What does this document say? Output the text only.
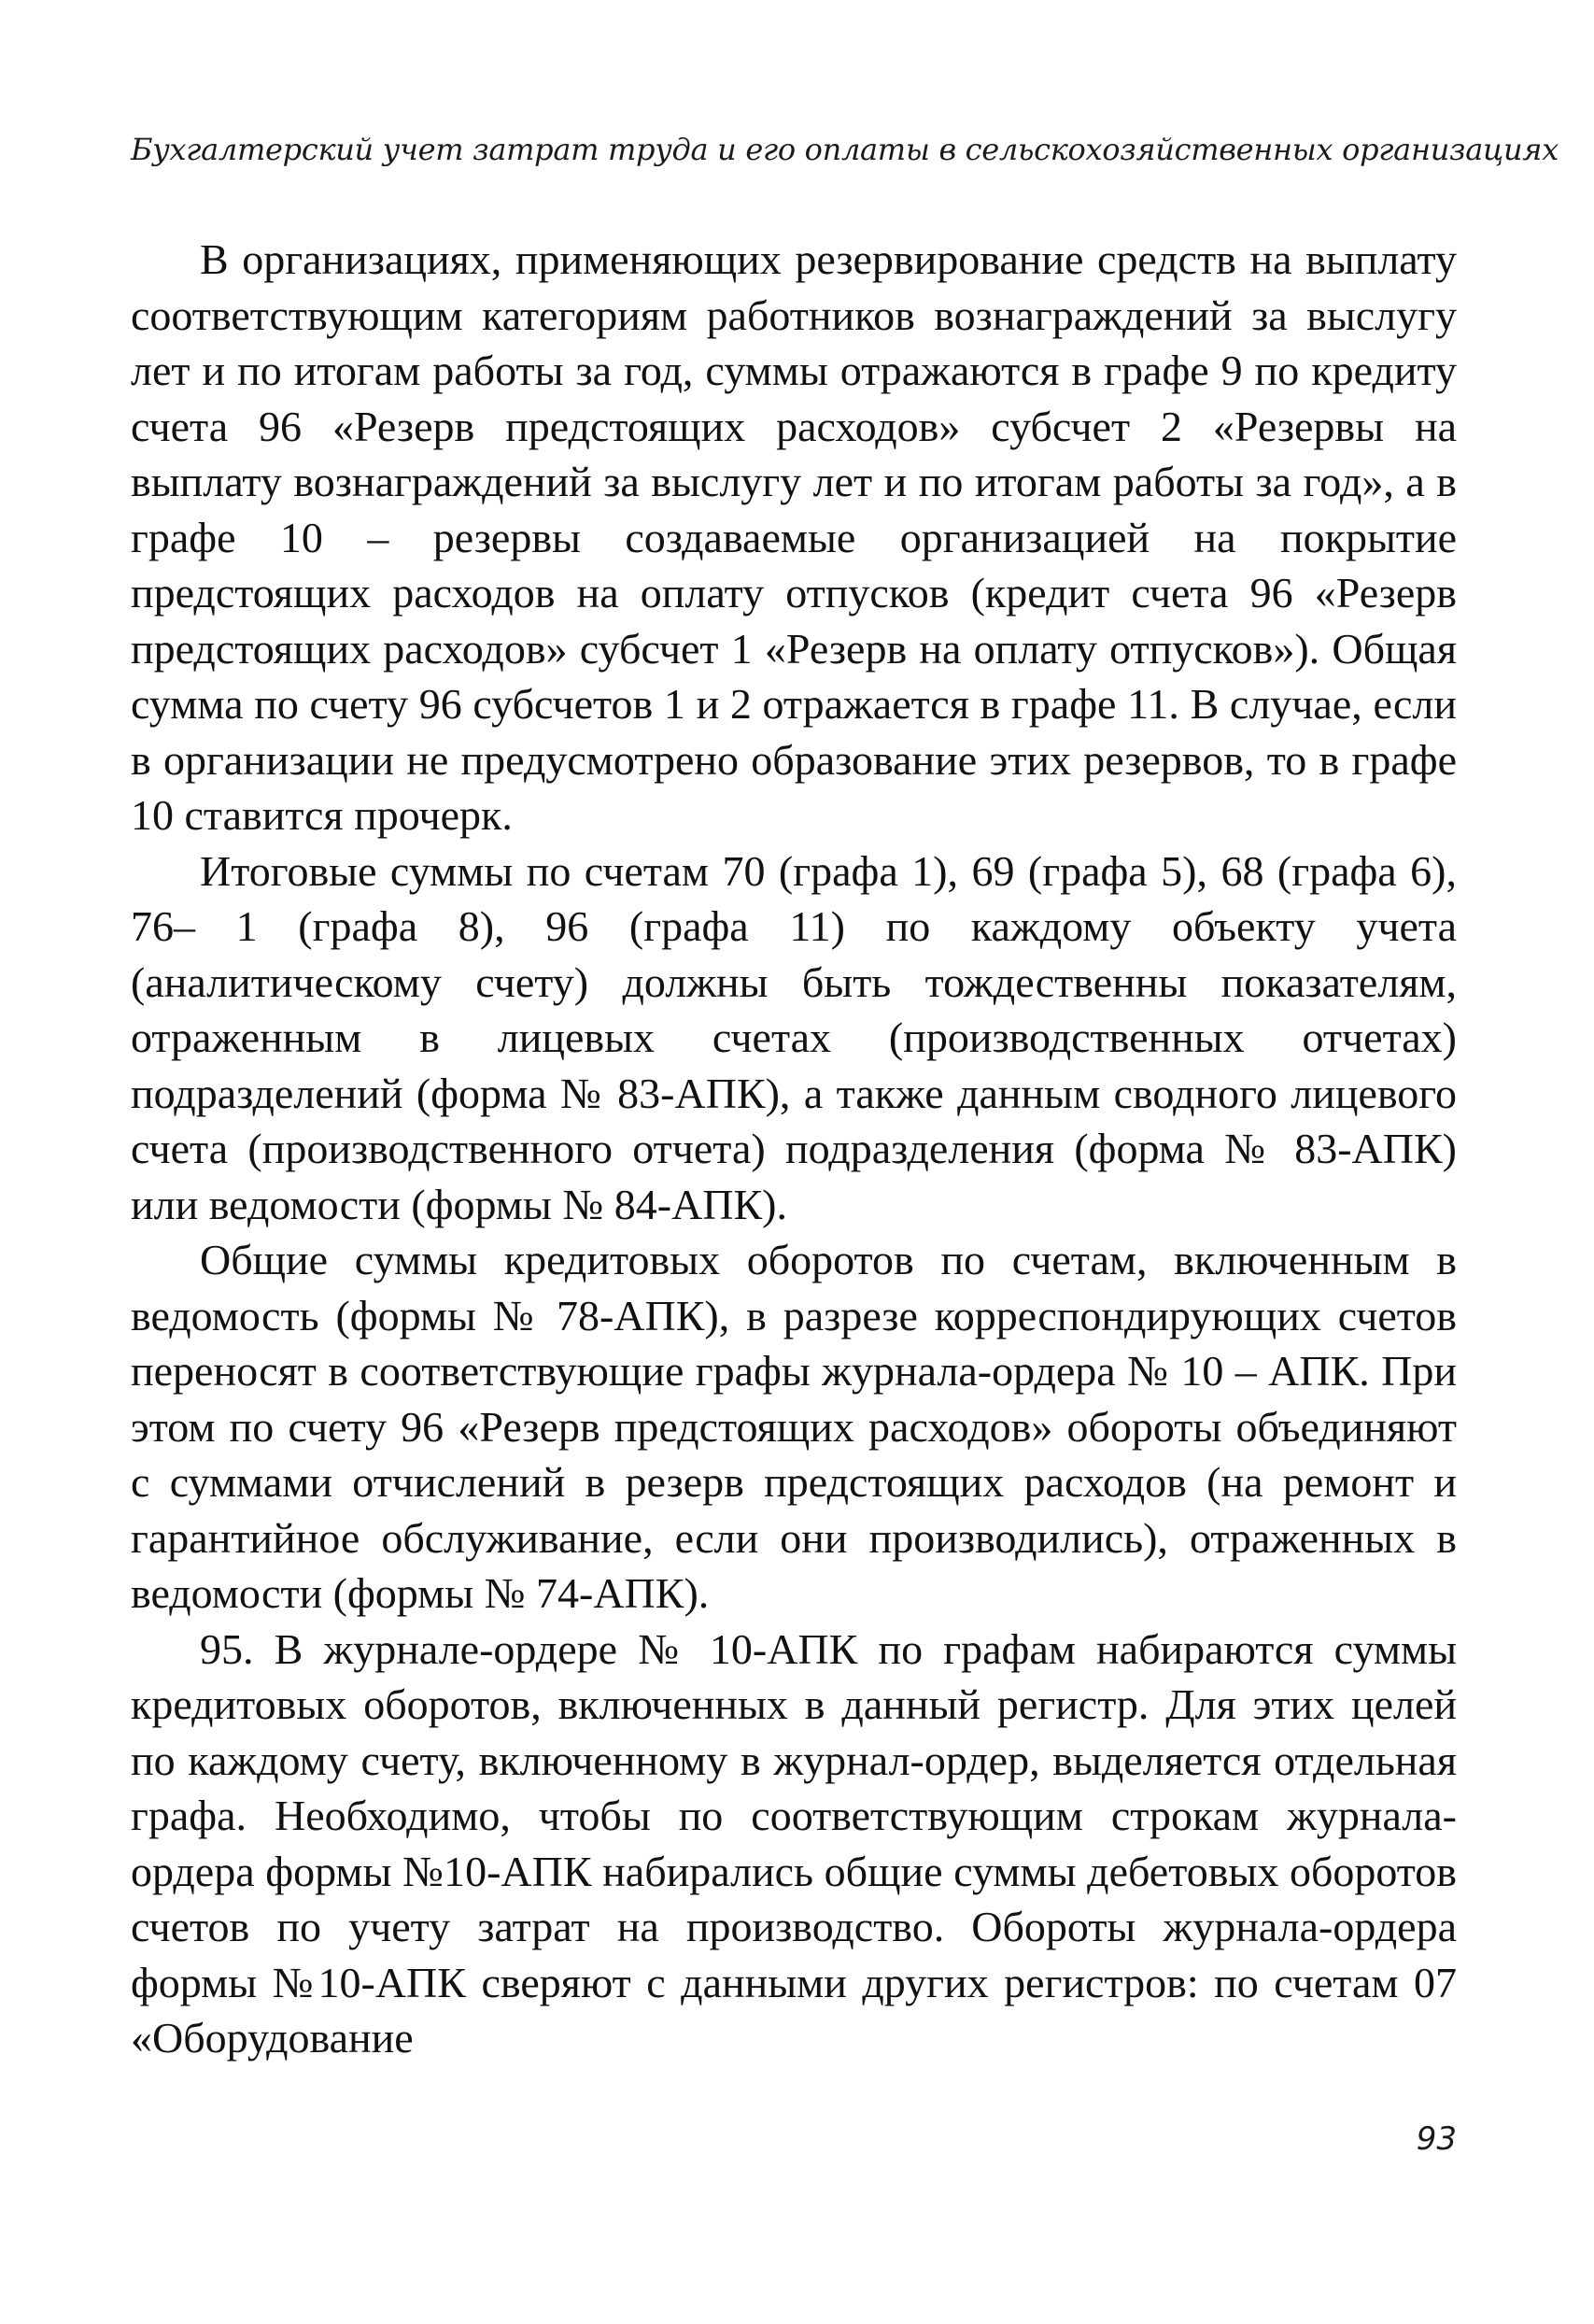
Бухгалтерский учет затрат труда и его оплаты в сельскохозяйственных организациях

В организациях, применяющих резервирование средств на выплату соответствующим категориям работников вознаграждений за выслугу лет и по итогам работы за год, суммы отражаются в графе 9 по кредиту счета 96 «Резерв предстоящих расходов» субсчет 2 «Резервы на выплату вознаграждений за выслугу лет и по итогам работы за год», а в графе 10 – резервы создаваемые организацией на покрытие предстоящих расходов на оплату отпусков (кредит счета 96 «Резерв предстоящих расходов» субсчет 1 «Резерв на оплату отпусков»). Общая сумма по счету 96 субсчетов 1 и 2 отражается в графе 11. В случае, если в организации не предусмотрено образование этих резервов, то в графе 10 ставится прочерк.

Итоговые суммы по счетам 70 (графа 1), 69 (графа 5), 68 (графа 6), 76– 1 (графа 8), 96 (графа 11) по каждому объекту учета (аналитическому счету) должны быть тождественны показателям, отраженным в лицевых счетах (производственных отчетах) подразделений (форма № 83-АПК), а также данным сводного лицевого счета (производственного отчета) подразделения (форма № 83-АПК) или ведомости (формы № 84-АПК).

Общие суммы кредитовых оборотов по счетам, включенным в ведомость (формы № 78-АПК), в разрезе корреспондирующих счетов переносят в соответствующие графы журнала-ордера № 10 – АПК. При этом по счету 96 «Резерв предстоящих расходов» обороты объединяют с суммами отчислений в резерв предстоящих расходов (на ремонт и гарантийное обслуживание, если они производились), отраженных в ведомости (формы № 74-АПК).

95. В журнале-ордере № 10-АПК по графам набираются суммы кредитовых оборотов, включенных в данный регистр. Для этих целей по каждому счету, включенному в журнал-ордер, выделяется отдельная графа. Необходимо, чтобы по соответствующим строкам журнала-ордера формы №10-АПК набирались общие суммы дебетовых оборотов счетов по учету затрат на производство. Обороты журнала-ордера формы №10-АПК сверяют с данными других регистров: по счетам 07 «Оборудование

93
